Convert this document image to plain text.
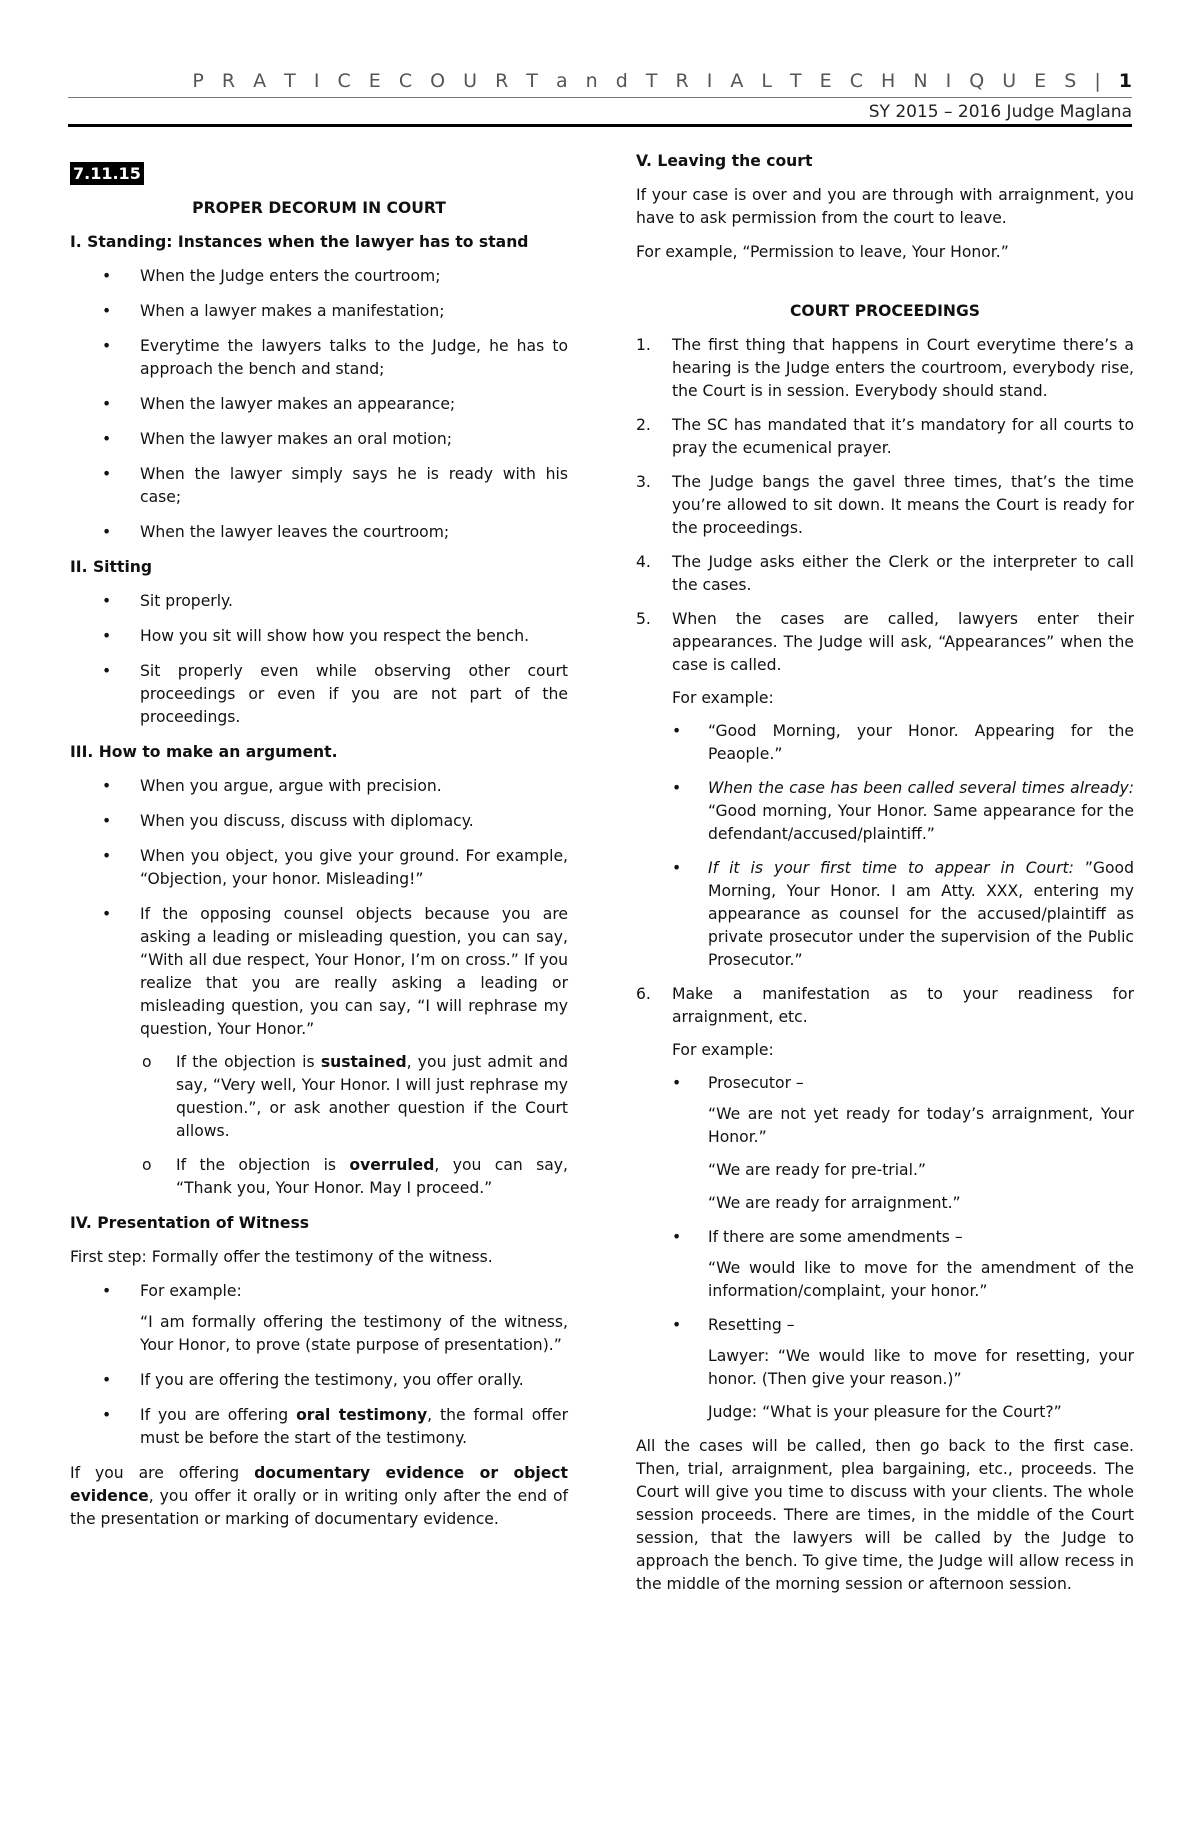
P R A T I C E C O U R T a n d T R I A L T E C H N I Q U E S | 1
SY 2015 – 2016 Judge Maglana
7.11.15
PROPER DECORUM IN COURT
I. Standing: Instances when the lawyer has to stand
• When the Judge enters the courtroom;
• When a lawyer makes a manifestation;
• Everytime the lawyers talks to the Judge, he has to approach the bench and stand;
• When the lawyer makes an appearance;
• When the lawyer makes an oral motion;
• When the lawyer simply says he is ready with his case;
• When the lawyer leaves the courtroom;
II. Sitting
• Sit properly.
• How you sit will show how you respect the bench.
• Sit properly even while observing other court proceedings or even if you are not part of the proceedings.
III. How to make an argument.
• When you argue, argue with precision.
• When you discuss, discuss with diplomacy.
• When you object, you give your ground. For example, “Objection, your honor. Misleading!”
• If the opposing counsel objects because you are asking a leading or misleading question, you can say, “With all due respect, Your Honor, I’m on cross.” If you realize that you are really asking a leading or misleading question, you can say, “I will rephrase my question, Your Honor.”
o If the objection is sustained, you just admit and say, “Very well, Your Honor. I will just rephrase my question.”, or ask another question if the Court allows.
o If the objection is overruled, you can say, “Thank you, Your Honor. May I proceed.”
IV. Presentation of Witness

First step: Formally offer the testimony of the witness.

• For example:
“I am formally offering the testimony of the witness, Your Honor, to prove (state purpose of presentation).”
• If you are offering the testimony, you offer orally.
• If you are offering oral testimony, the formal offer must be before the start of the testimony.

If you are offering documentary evidence or object evidence, you offer it orally or in writing only after the end of the presentation or marking of documentary evidence.

V. Leaving the court

If your case is over and you are through with arraignment, you have to ask permission from the court to leave.

For example, “Permission to leave, Your Honor.”

COURT PROCEEDINGS
1. The first thing that happens in Court everytime there’s a hearing is the Judge enters the courtroom, everybody rise, the Court is in session. Everybody should stand.
2. The SC has mandated that it’s mandatory for all courts to pray the ecumenical prayer.
3. The Judge bangs the gavel three times, that’s the time you’re allowed to sit down. It means the Court is ready for the proceedings.
4. The Judge asks either the Clerk or the interpreter to call the cases.
5. When the cases are called, lawyers enter their appearances. The Judge will ask, “Appearances” when the case is called.
For example:
• “Good Morning, your Honor. Appearing for the Peaople.”
• When the case has been called several times already: “Good morning, Your Honor. Same appearance for the defendant/accused/plaintiff.”
• If it is your first time to appear in Court: ”Good Morning, Your Honor. I am Atty. XXX, entering my appearance as counsel for the accused/plaintiff as private prosecutor under the supervision of the Public Prosecutor.”
6. Make a manifestation as to your readiness for arraignment, etc.
For example:
• Prosecutor –
“We are not yet ready for today’s arraignment, Your Honor.”
“We are ready for pre-trial.”
“We are ready for arraignment.”
• If there are some amendments –
“We would like to move for the amendment of the information/complaint, your honor.”
• Resetting –
Lawyer: “We would like to move for resetting, your honor. (Then give your reason.)”
Judge: “What is your pleasure for the Court?”

All the cases will be called, then go back to the first case. Then, trial, arraignment, plea bargaining, etc., proceeds. The Court will give you time to discuss with your clients. The whole session proceeds. There are times, in the middle of the Court session, that the lawyers will be called by the Judge to approach the bench. To give time, the Judge will allow recess in the middle of the morning session or afternoon session.
